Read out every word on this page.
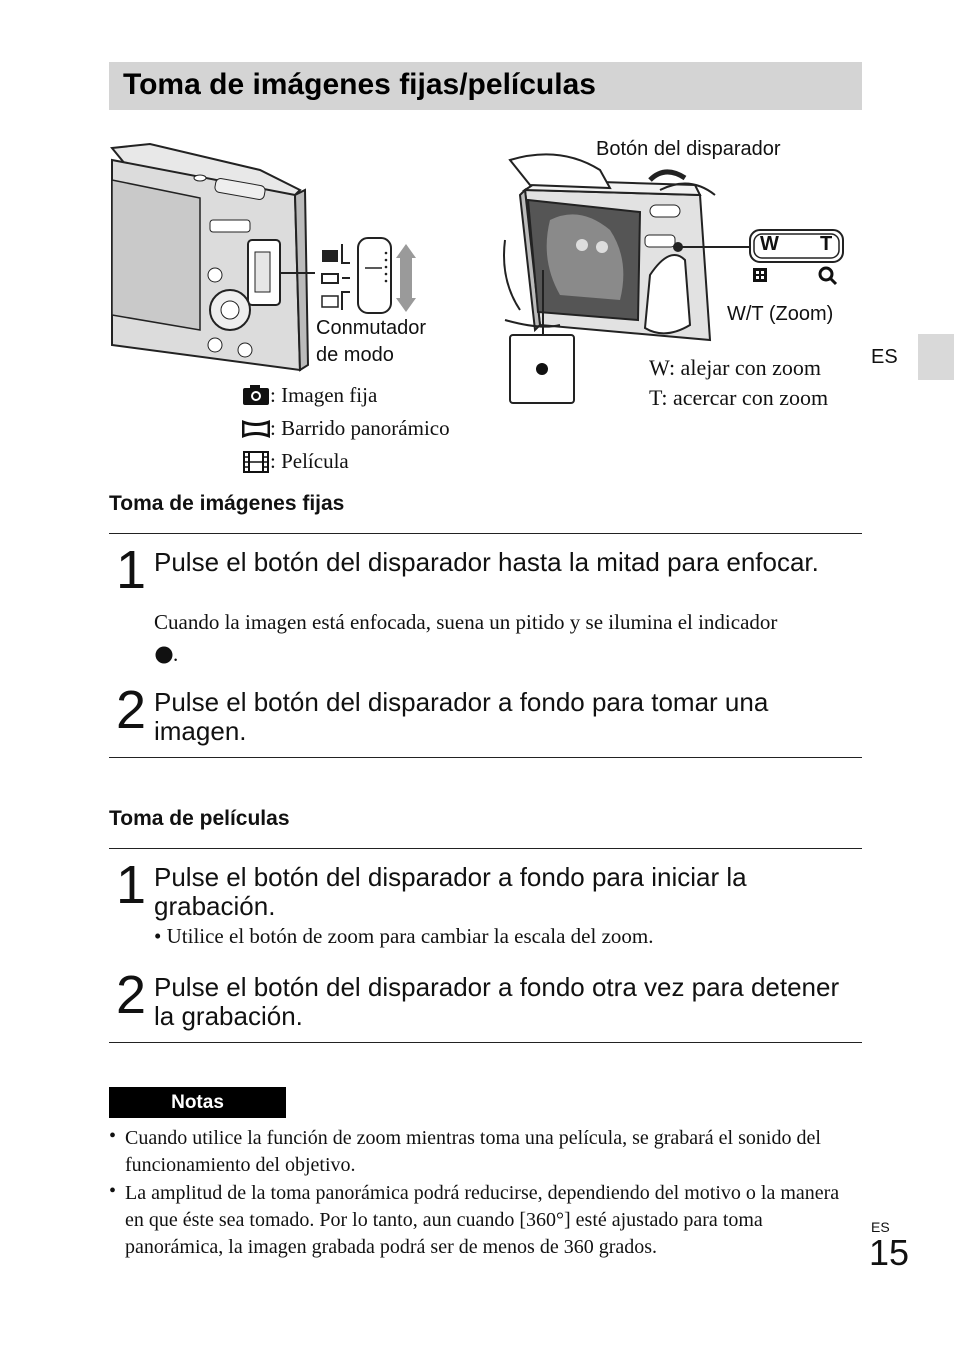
Toma de imágenes fijas/películas
ES
Conmutador
de modo
: Imagen fija
: Barrido panorámico
: Película
W T
Botón del disparador
W/T (Zoom)
W: alejar con zoom
T: acercar con zoom
Toma de imágenes fijas
1 Pulse el botón del disparador hasta la mitad para enfocar.
Cuando la imagen está enfocada, suena un pitido y se ilumina el indicador
.
2 Pulse el botón del disparador a fondo para tomar una imagen.
Toma de películas
1 Pulse el botón del disparador a fondo para iniciar la grabación.
• Utilice el botón de zoom para cambiar la escala del zoom.
2 Pulse el botón del disparador a fondo otra vez para detener la grabación.
Notas
• Cuando utilice la función de zoom mientras toma una película, se grabará el sonido del funcionamiento del objetivo.
• La amplitud de la toma panorámica podrá reducirse, dependiendo del motivo o la manera en que éste sea tomado. Por lo tanto, aun cuando [360°] esté ajustado para toma panorámica, la imagen grabada podrá ser de menos de 360 grados.
ES
15
